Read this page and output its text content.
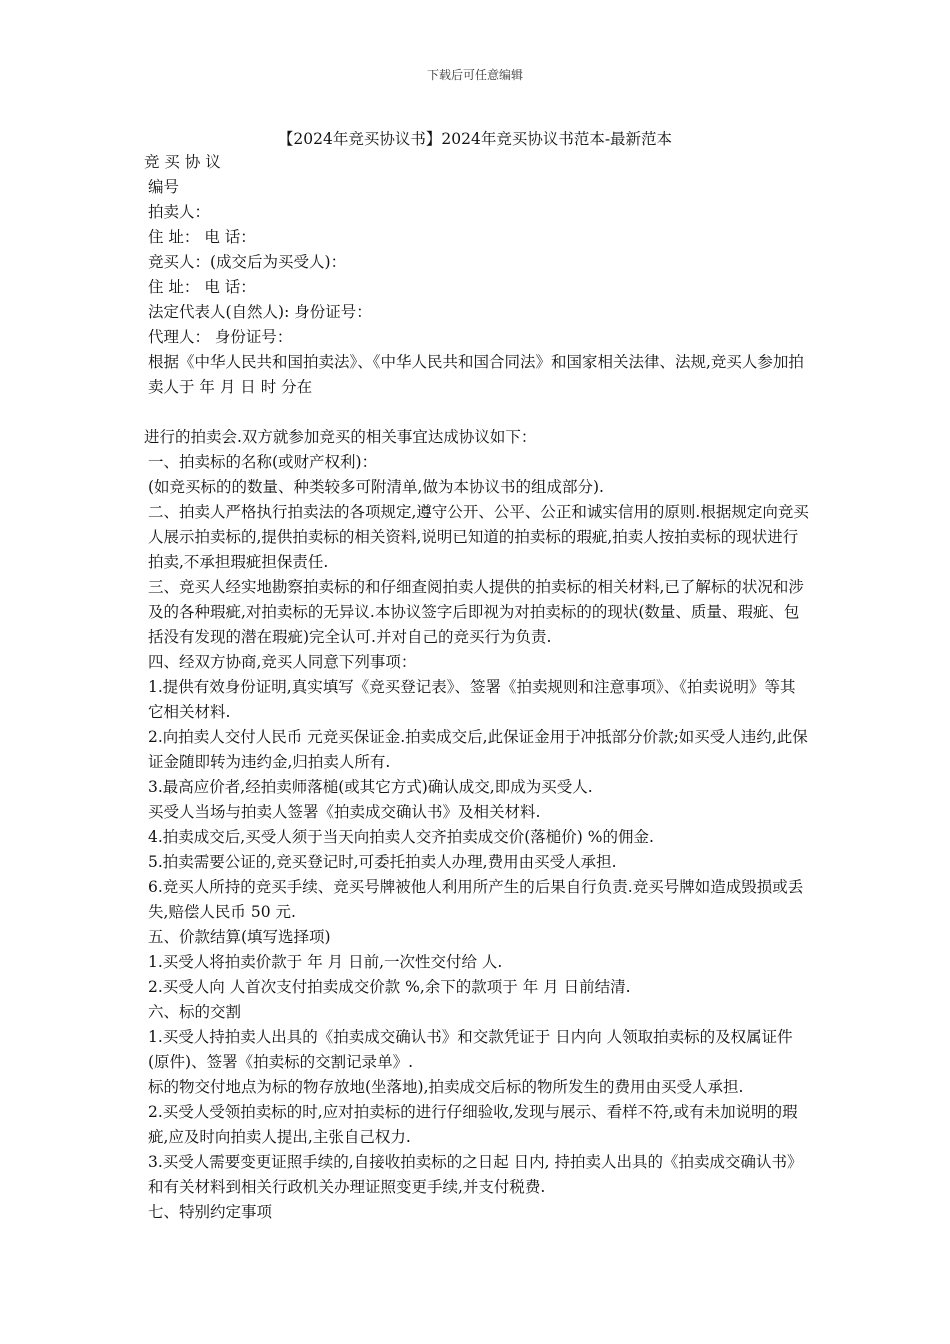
下载后可任意编辑
【2024年竞买协议书】2024年竞买协议书范本-最新范本

竞 买 协 议

编号

拍卖人：

住 址： 电 话：

竞买人：(成交后为买受人)：

住 址： 电 话：

法定代表人(自然人): 身份证号：

代理人： 身份证号：

根据《中华人民共和国拍卖法》、《中华人民共和国合同法》和国家相关法律、法规,竞买人参加拍卖人于 年 月 日 时 分在

进行的拍卖会.双方就参加竞买的相关事宜达成协议如下：

一、拍卖标的名称(或财产权利)：

(如竞买标的的数量、种类较多可附清单,做为本协议书的组成部分).

二、拍卖人严格执行拍卖法的各项规定,遵守公开、公平、公正和诚实信用的原则.根据规定向竞买人展示拍卖标的,提供拍卖标的相关资料,说明已知道的拍卖标的瑕疵,拍卖人按拍卖标的现状进行拍卖,不承担瑕疵担保责任.

三、竞买人经实地勘察拍卖标的和仔细查阅拍卖人提供的拍卖标的相关材料,已了解标的状况和涉及的各种瑕疵,对拍卖标的无异议.本协议签字后即视为对拍卖标的的现状(数量、质量、瑕疵、包括没有发现的潜在瑕疵)完全认可.并对自己的竞买行为负责.

四、经双方协商,竞买人同意下列事项：

1.提供有效身份证明,真实填写《竞买登记表》、签署《拍卖规则和注意事项》、《拍卖说明》等其它相关材料.

2.向拍卖人交付人民币 元竞买保证金.拍卖成交后,此保证金用于冲抵部分价款;如买受人违约,此保证金随即转为违约金,归拍卖人所有.

3.最高应价者,经拍卖师落槌(或其它方式)确认成交,即成为买受人.

买受人当场与拍卖人签署《拍卖成交确认书》及相关材料.

4.拍卖成交后,买受人须于当天向拍卖人交齐拍卖成交价(落槌价) %的佣金.

5.拍卖需要公证的,竞买登记时,可委托拍卖人办理,费用由买受人承担.

6.竞买人所持的竞买手续、竞买号牌被他人利用所产生的后果自行负责.竞买号牌如造成毁损或丢失,赔偿人民币 50 元.

五、价款结算(填写选择项)

1.买受人将拍卖价款于 年 月 日前,一次性交付给 人.

2.买受人向 人首次支付拍卖成交价款 %,余下的款项于 年 月 日前结清.

六、标的交割

1.买受人持拍卖人出具的《拍卖成交确认书》和交款凭证于 日内向 人领取拍卖标的及权属证件(原件)、签署《拍卖标的交割记录单》.

标的物交付地点为标的物存放地(坐落地),拍卖成交后标的物所发生的费用由买受人承担.

2.买受人受领拍卖标的时,应对拍卖标的进行仔细验收,发现与展示、看样不符,或有未加说明的瑕疵,应及时向拍卖人提出,主张自己权力.

3.买受人需要变更证照手续的,自接收拍卖标的之日起 日内, 持拍卖人出具的《拍卖成交确认书》和有关材料到相关行政机关办理证照变更手续,并支付税费.

七、特别约定事项
